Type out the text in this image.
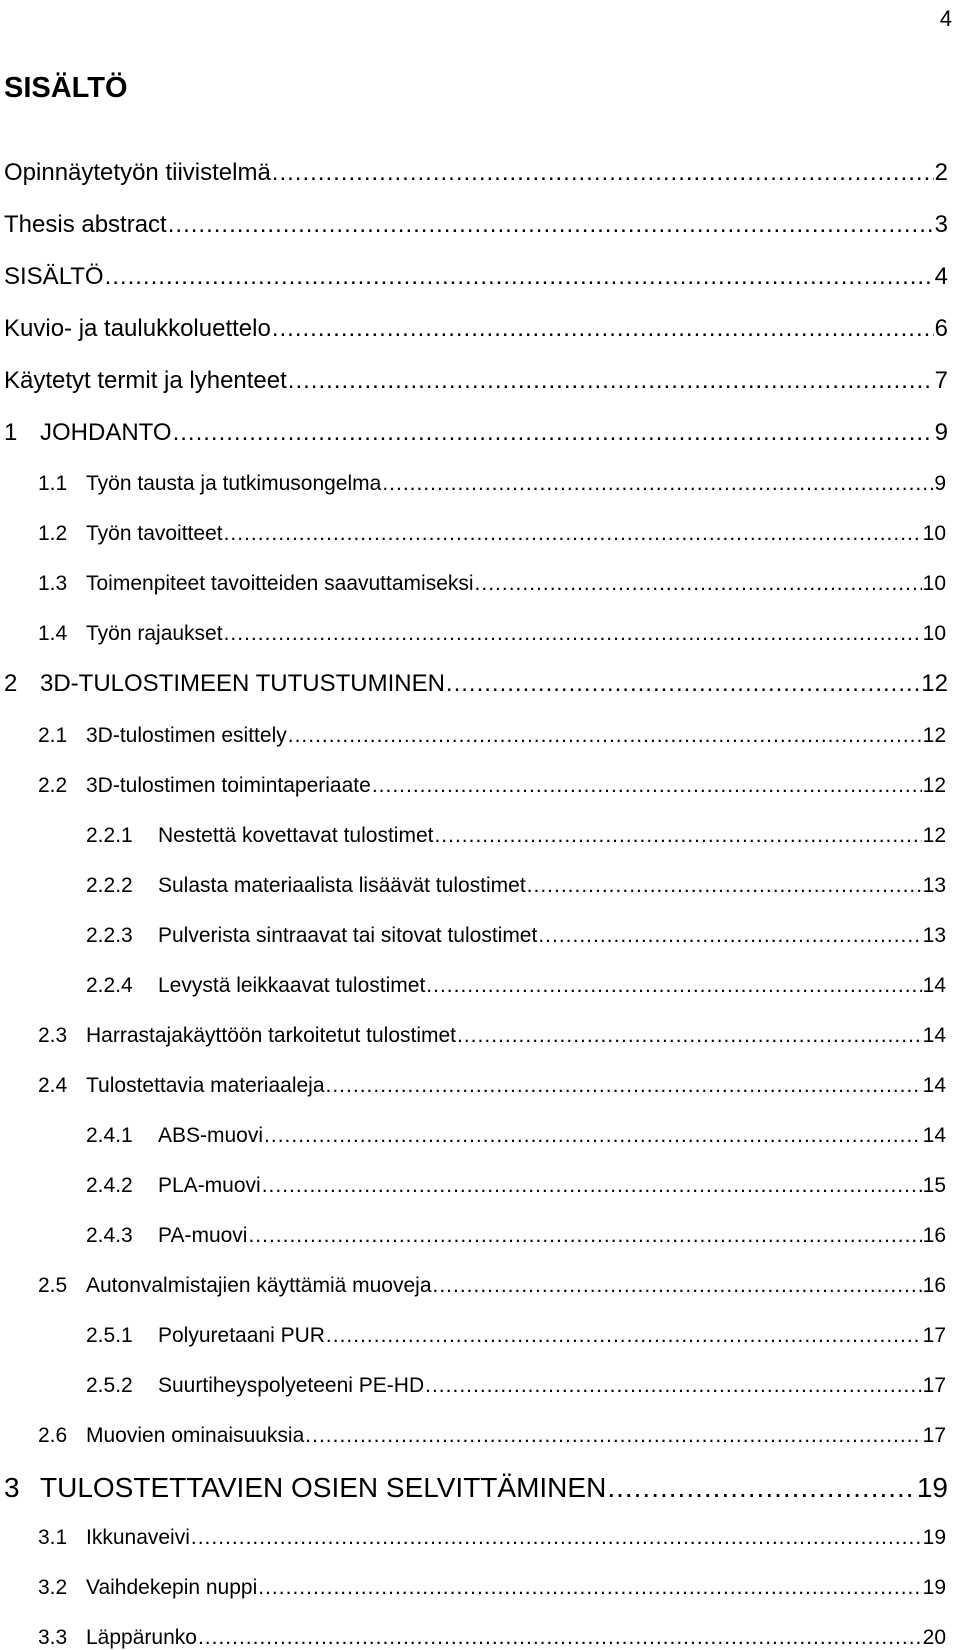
4
SISÄLTÖ
Opinnäytetyön tiivistelmä .....	2
Thesis abstract .....	3
SISÄLTÖ .....	4
Kuvio- ja taulukkoluettelo .....	6
Käytetyt termit ja lyhenteet .....	7
1 JOHDANTO .....	9
1.1 Työn tausta ja tutkimusongelma .....	9
1.2 Työn tavoitteet .....	10
1.3 Toimenpiteet tavoitteiden saavuttamiseksi .....	10
1.4 Työn rajaukset .....	10
2 3D-TULOSTIMEEN TUTUSTUMINEN .....	12
2.1 3D-tulostimen esittely .....	12
2.2 3D-tulostimen toimintaperiaate .....	12
2.2.1	Nestettä kovettavat tulostimet .....	12
2.2.2	Sulasta materiaalista lisäävät tulostimet .....	13
2.2.3	Pulverista sintraavat tai sitovat tulostimet .....	13
2.2.4	Levystä leikkaavat tulostimet .....	14
2.3 Harrastajakäyttöön tarkoitetut tulostimet .....	14
2.4 Tulostettavia materiaaleja .....	14
2.4.1	ABS-muovi .....	14
2.4.2	PLA-muovi .....	15
2.4.3	PA-muovi .....	16
2.5 Autonvalmistajien käyttämiä muoveja .....	16
2.5.1	Polyuretaani PUR .....	17
2.5.2	Suurtiheyspolyeteeni PE-HD .....	17
2.6 Muovien ominaisuuksia .....	17
3 TULOSTETTAVIEN OSIEN SELVITTÄMINEN .....	19
3.1 Ikkunaveivi .....	19
3.2 Vaihdekepin nuppi .....	19
3.3 Läppärunko .....	20
